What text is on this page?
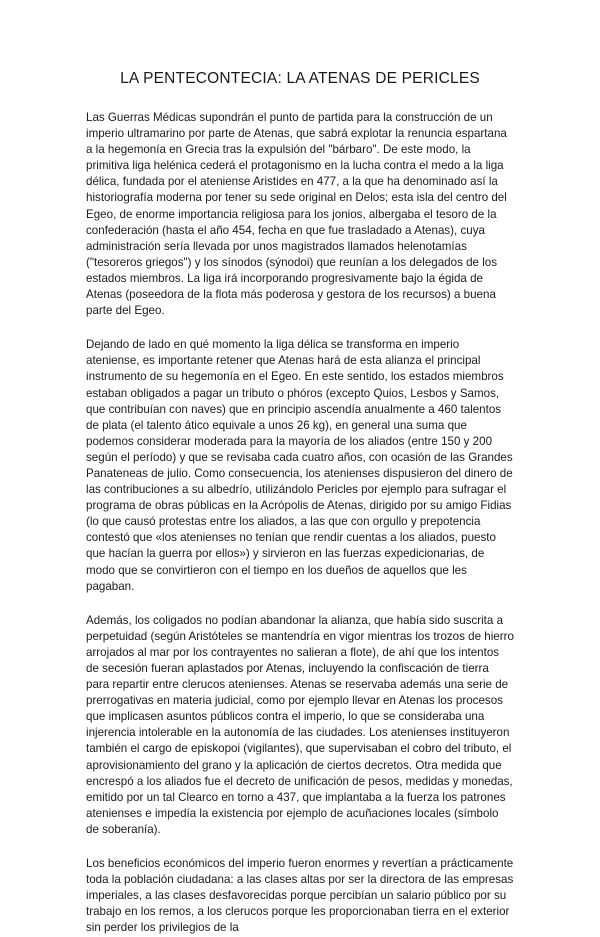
LA PENTECONTECIA: LA ATENAS DE PERICLES

Las Guerras Médicas supondrán el punto de partida para la construcción de un imperio ultramarino por parte de Atenas, que sabrá explotar la renuncia espartana a la hegemonía en Grecia tras la expulsión del "bárbaro". De este modo, la primitiva liga helénica cederá el protagonismo en la lucha contra el medo a la liga délica, fundada por el ateniense Aristides en 477, a la que ha denominado así la historiografía moderna por tener su sede original en Delos; esta isla del centro del Egeo, de enorme importancia religiosa para los jonios, albergaba el tesoro de la confederación (hasta el año 454, fecha en que fue trasladado a Atenas), cuya administración sería llevada por unos magistrados llamados helenotamías ("tesoreros griegos") y los sínodos (sýnodoi) que reunían a los delegados de los estados miembros. La liga irá incorporando progresivamente bajo la égida de Atenas (poseedora de la flota más poderosa y gestora de los recursos) a buena parte del Egeo.

Dejando de lado en qué momento la liga délica se transforma en imperio ateniense, es importante retener que Atenas hará de esta alianza el principal instrumento de su hegemonía en el Egeo. En este sentido, los estados miembros estaban obligados a pagar un tributo o phóros (excepto Quios, Lesbos y Samos, que contribuían con naves) que en principio ascendía anualmente a 460 talentos de plata (el talento ático equivale a unos 26 kg), en general una suma que podemos considerar moderada para la mayoría de los aliados (entre 150 y 200 según el período) y que se revisaba cada cuatro años, con ocasión de las Grandes Panateneas de julio. Como consecuencia, los atenienses dispusieron del dinero de las contribuciones a su albedrío, utilizándolo Pericles por ejemplo para sufragar el programa de obras públicas en la Acrópolis de Atenas, dirigido por su amigo Fidias (lo que causó protestas entre los aliados, a las que con orgullo y prepotencia contestó que «los atenienses no tenían que rendir cuentas a los aliados, puesto que hacían la guerra por ellos») y sirvieron en las fuerzas expedicionarias, de modo que se convirtieron con el tiempo en los dueños de aquellos que les pagaban.

Además, los coligados no podían abandonar la alianza, que había sido suscrita a perpetuidad (según Aristóteles se mantendría en vigor mientras los trozos de hierro arrojados al mar por los contrayentes no salieran a flote), de ahí que los intentos de secesión fueran aplastados por Atenas, incluyendo la confiscación de tierra para repartir entre clerucos atenienses. Atenas se reservaba además una serie de prerrogativas en materia judicial, como por ejemplo llevar en Atenas los procesos que implicasen asuntos públicos contra el imperio, lo que se consideraba una injerencia intolerable en la autonomía de las ciudades. Los atenienses instituyeron también el cargo de episkopoi (vigilantes), que supervisaban el cobro del tributo, el aprovisionamiento del grano y la aplicación de ciertos decretos. Otra medida que encrespó a los aliados fue el decreto de unificación de pesos, medidas y monedas, emitido por un tal Clearco en torno a 437, que implantaba a la fuerza los patrones atenienses e impedía la existencia por ejemplo de acuñaciones locales (símbolo de soberanía).

Los beneficios económicos del imperio fueron enormes y revertían a prácticamente toda la población ciudadana: a las clases altas por ser la directora de las empresas imperiales, a las clases desfavorecidas porque percibían un salario público por su trabajo en los remos, a los clerucos porque les proporcionaban tierra en el exterior sin perder los privilegios de la
